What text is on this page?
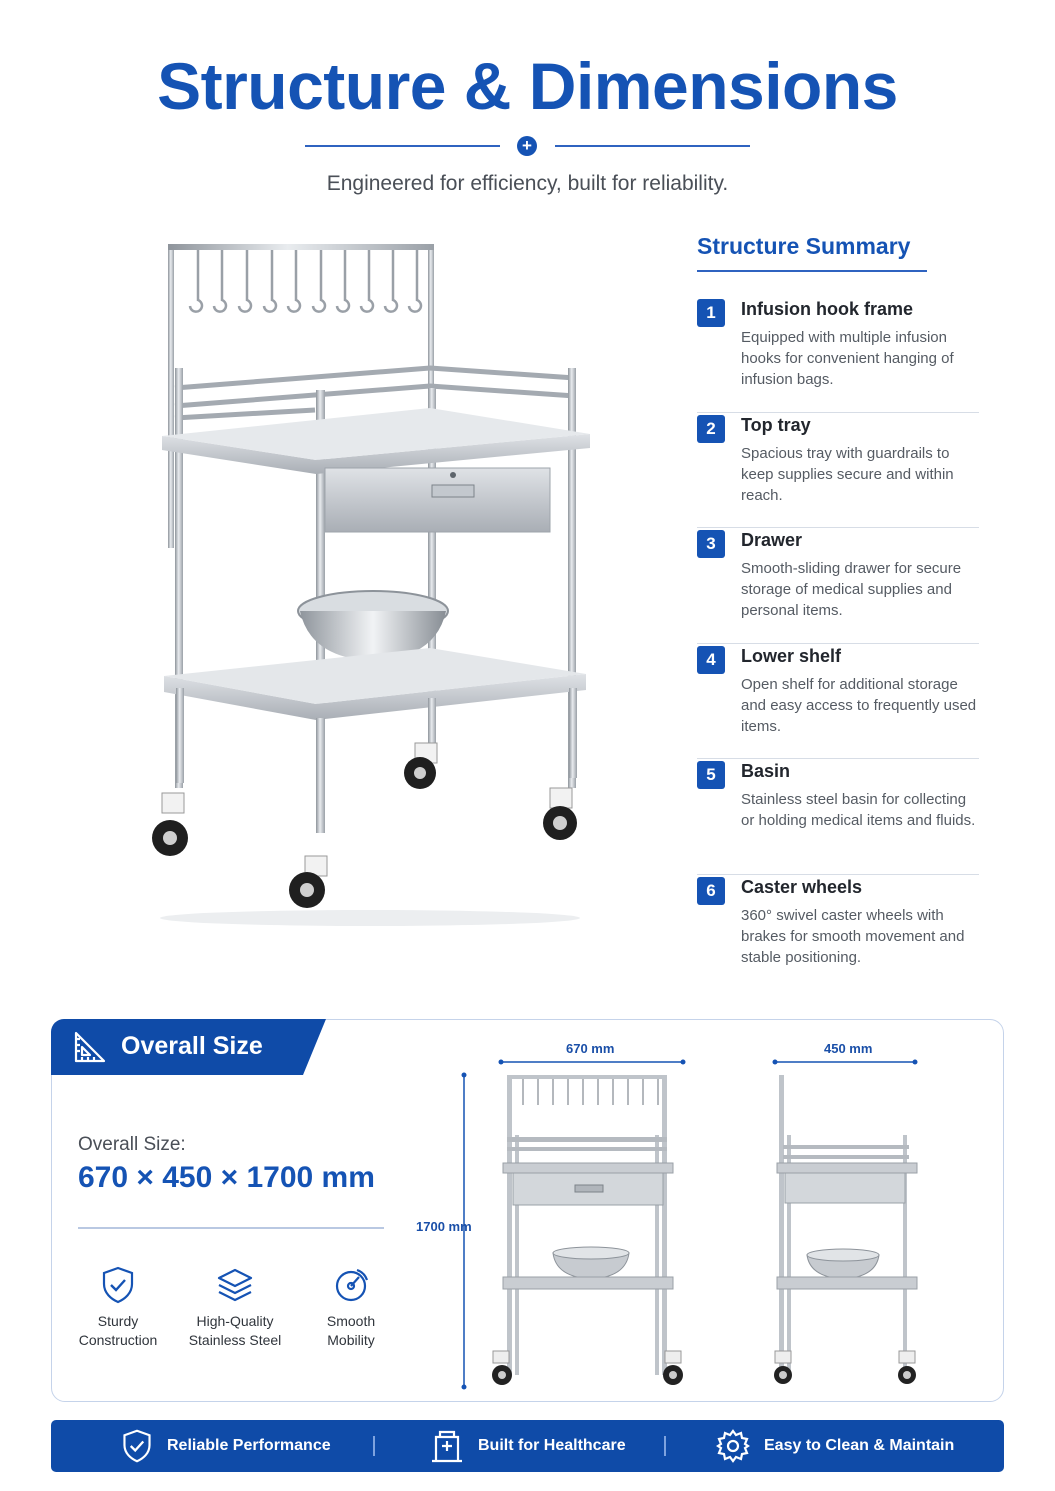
Structure & Dimensions
+
Engineered for efficiency, built for reliability.
Structure Summary
1	Infusion hook frame
Equipped with multiple infusion hooks for convenient hanging of infusion bags.
2	Top tray
Spacious tray with guardrails to keep supplies secure and within reach.
3	Drawer
Smooth-sliding drawer for secure storage of medical supplies and personal items.
4	Lower shelf
Open shelf for additional storage and easy access to frequently used items.
5	Basin
Stainless steel basin for collecting or holding medical items and fluids.
6	Caster wheels
360° swivel caster wheels with brakes for smooth movement and stable positioning.
Overall Size
Overall Size:
670 × 450 × 1700 mm
Sturdy
Construction
High-Quality
Stainless Steel
Smooth
Mobility
670 mm	450 mm
1700 mm
Reliable Performance	Built for Healthcare	Easy to Clean & Maintain
